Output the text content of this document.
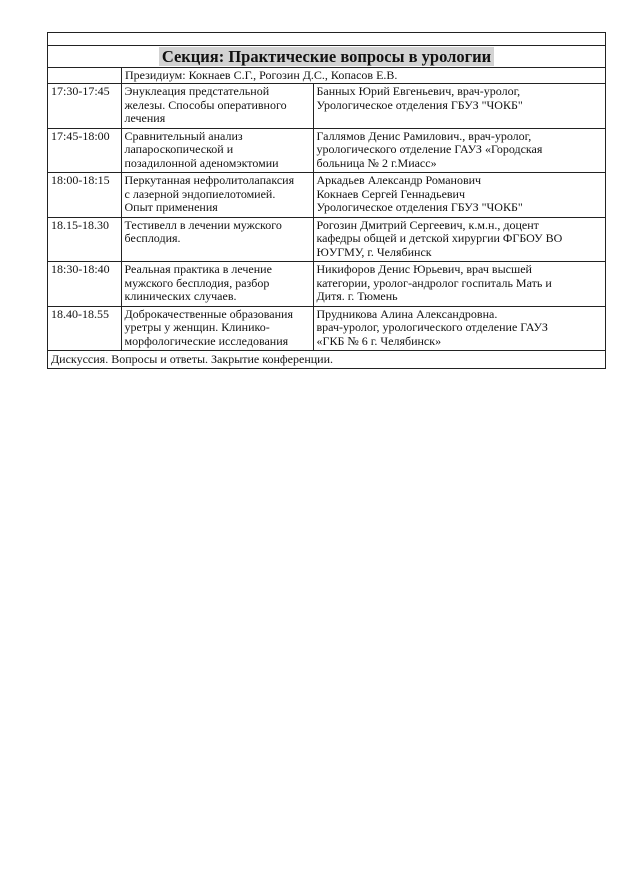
Секция: Практические вопросы в урологии
Президиум: Кокнаев С.Г., Рогозин Д.С., Копасов Е.В.
17:30-17:45	Энуклеация предстательной
железы. Способы оперативного
лечения	Банных Юрий Евгеньевич, врач-уролог,
Урологическое отделения ГБУЗ "ЧОКБ"

17:45-18:00	Сравнительный анализ
лапароскопической и
позадилонной аденомэктомии	Галлямов Денис Рамилович., врач-уролог,
урологического отделение ГАУЗ «Городская
больница № 2 г.Миасс»

18:00-18:15	Перкутанная нефролитолапаксия
с лазерной эндопиелотомией.
Опыт применения	Аркадьев Александр Романович
Кокнаев Сергей Геннадьевич
Урологическое отделения ГБУЗ "ЧОКБ"

18.15-18.30	Тестивелл в лечении мужского
бесплодия.	Рогозин Дмитрий Сергеевич, к.м.н., доцент
кафедры общей и детской хирургии ФГБОУ ВО
ЮУГМУ, г. Челябинск

18:30-18:40	Реальная практика в лечение
мужского бесплодия, разбор
клинических случаев.	Никифоров Денис Юрьевич, врач высшей
категории, уролог-андролог госпиталь Мать и
Дитя. г. Тюмень

18.40-18.55	Доброкачественные образования
уретры у женщин. Клинико-
морфологические исследования	Прудникова Алина Александровна.
врач-уролог, урологического отделение ГАУЗ
«ГКБ № 6 г. Челябинск»
Дискуссия. Вопросы и ответы. Закрытие конференции.
